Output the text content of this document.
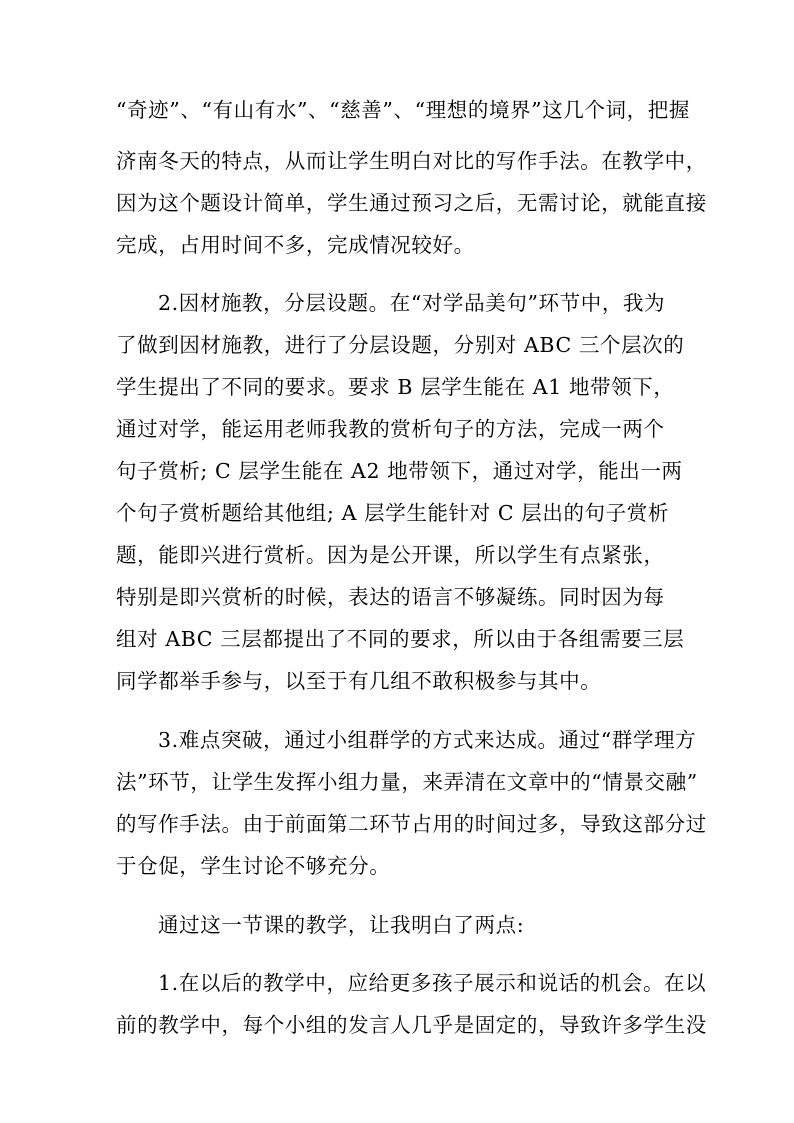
“奇迹”、“有山有水”、“慈善”、“理想的境界”这几个词，把握
济南冬天的特点，从而让学生明白对比的写作手法。在教学中，
因为这个题设计简单，学生通过预习之后，无需讨论，就能直接
完成，占用时间不多，完成情况较好。
2.因材施教，分层设题。在“对学品美句”环节中，我为
了做到因材施教，进行了分层设题，分别对 ABC 三个层次的
学生提出了不同的要求。要求 B 层学生能在 A1 地带领下，
通过对学，能运用老师我教的赏析句子的方法，完成一两个
句子赏析; C 层学生能在 A2 地带领下，通过对学，能出一两
个句子赏析题给其他组; A 层学生能针对 C 层出的句子赏析
题，能即兴进行赏析。因为是公开课，所以学生有点紧张，
特别是即兴赏析的时候，表达的语言不够凝练。同时因为每
组对 ABC 三层都提出了不同的要求，所以由于各组需要三层
同学都举手参与，以至于有几组不敢积极参与其中。
3.难点突破，通过小组群学的方式来达成。通过“群学理方
法”环节，让学生发挥小组力量，来弄清在文章中的“情景交融”
的写作手法。由于前面第二环节占用的时间过多，导致这部分过
于仓促，学生讨论不够充分。
通过这一节课的教学，让我明白了两点:
1.在以后的教学中，应给更多孩子展示和说话的机会。在以
前的教学中，每个小组的发言人几乎是固定的，导致许多学生没
